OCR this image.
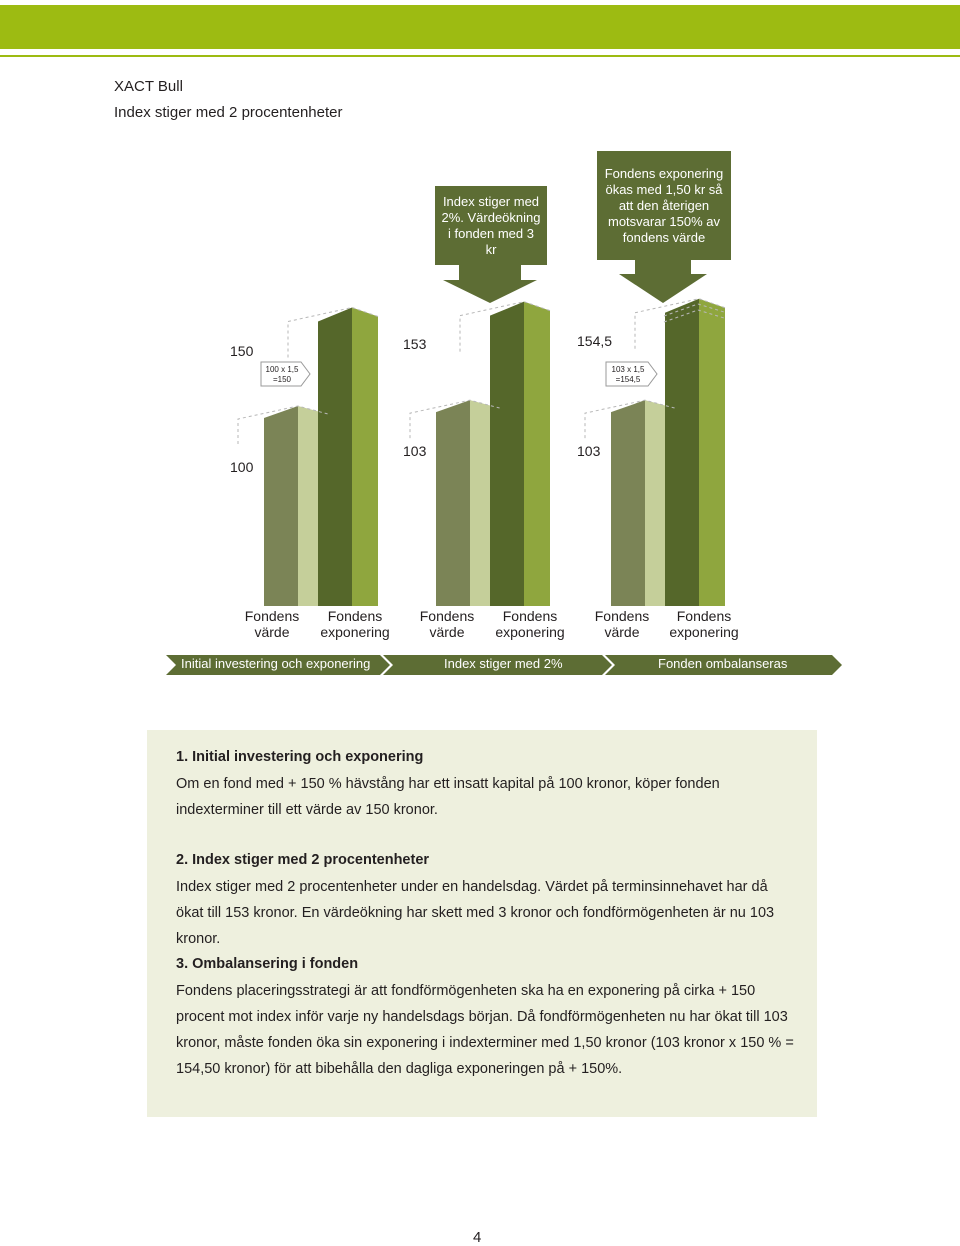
XACT Bull
Index stiger med 2 procentenheter
Index stiger med 2%. Värdeökning i fonden med 3 kr
Fondens exponering ökas med 1,50 kr så att den återigen motsvarar 150% av fondens värde
150	153	154,5
100
103	103
100 x 1,5
=150
103 x 1,5
=154,5
Fondens
värde
Fondens
exponering
Fondens
värde
Fondens
exponering
Fondens
värde
Fondens
exponering
Initial investering och exponering	Index stiger med 2%	Fonden ombalanseras
1. Initial investering och exponering

Om en fond med + 150 % hävstång har ett insatt kapital på 100 kronor, köper fonden indexterminer till ett värde av 150 kronor.

2. Index stiger med 2 procentenheter

Index stiger med 2 procentenheter under en handelsdag. Värdet på terminsinnehavet har då ökat till 153 kronor. En värdeökning har skett med 3 kronor och fondförmögenheten är nu 103 kronor.

3. Ombalansering i fonden

Fondens placeringsstrategi är att fondförmögenheten ska ha en exponering på cirka + 150 procent mot index inför varje ny handelsdags början. Då fondförmögenheten nu har ökat till 103 kronor, måste fonden öka sin exponering i indexterminer med 1,50 kronor (103 kronor x 150 % = 154,50 kronor) för att bibehålla den dagliga exponeringen på + 150%.

4
